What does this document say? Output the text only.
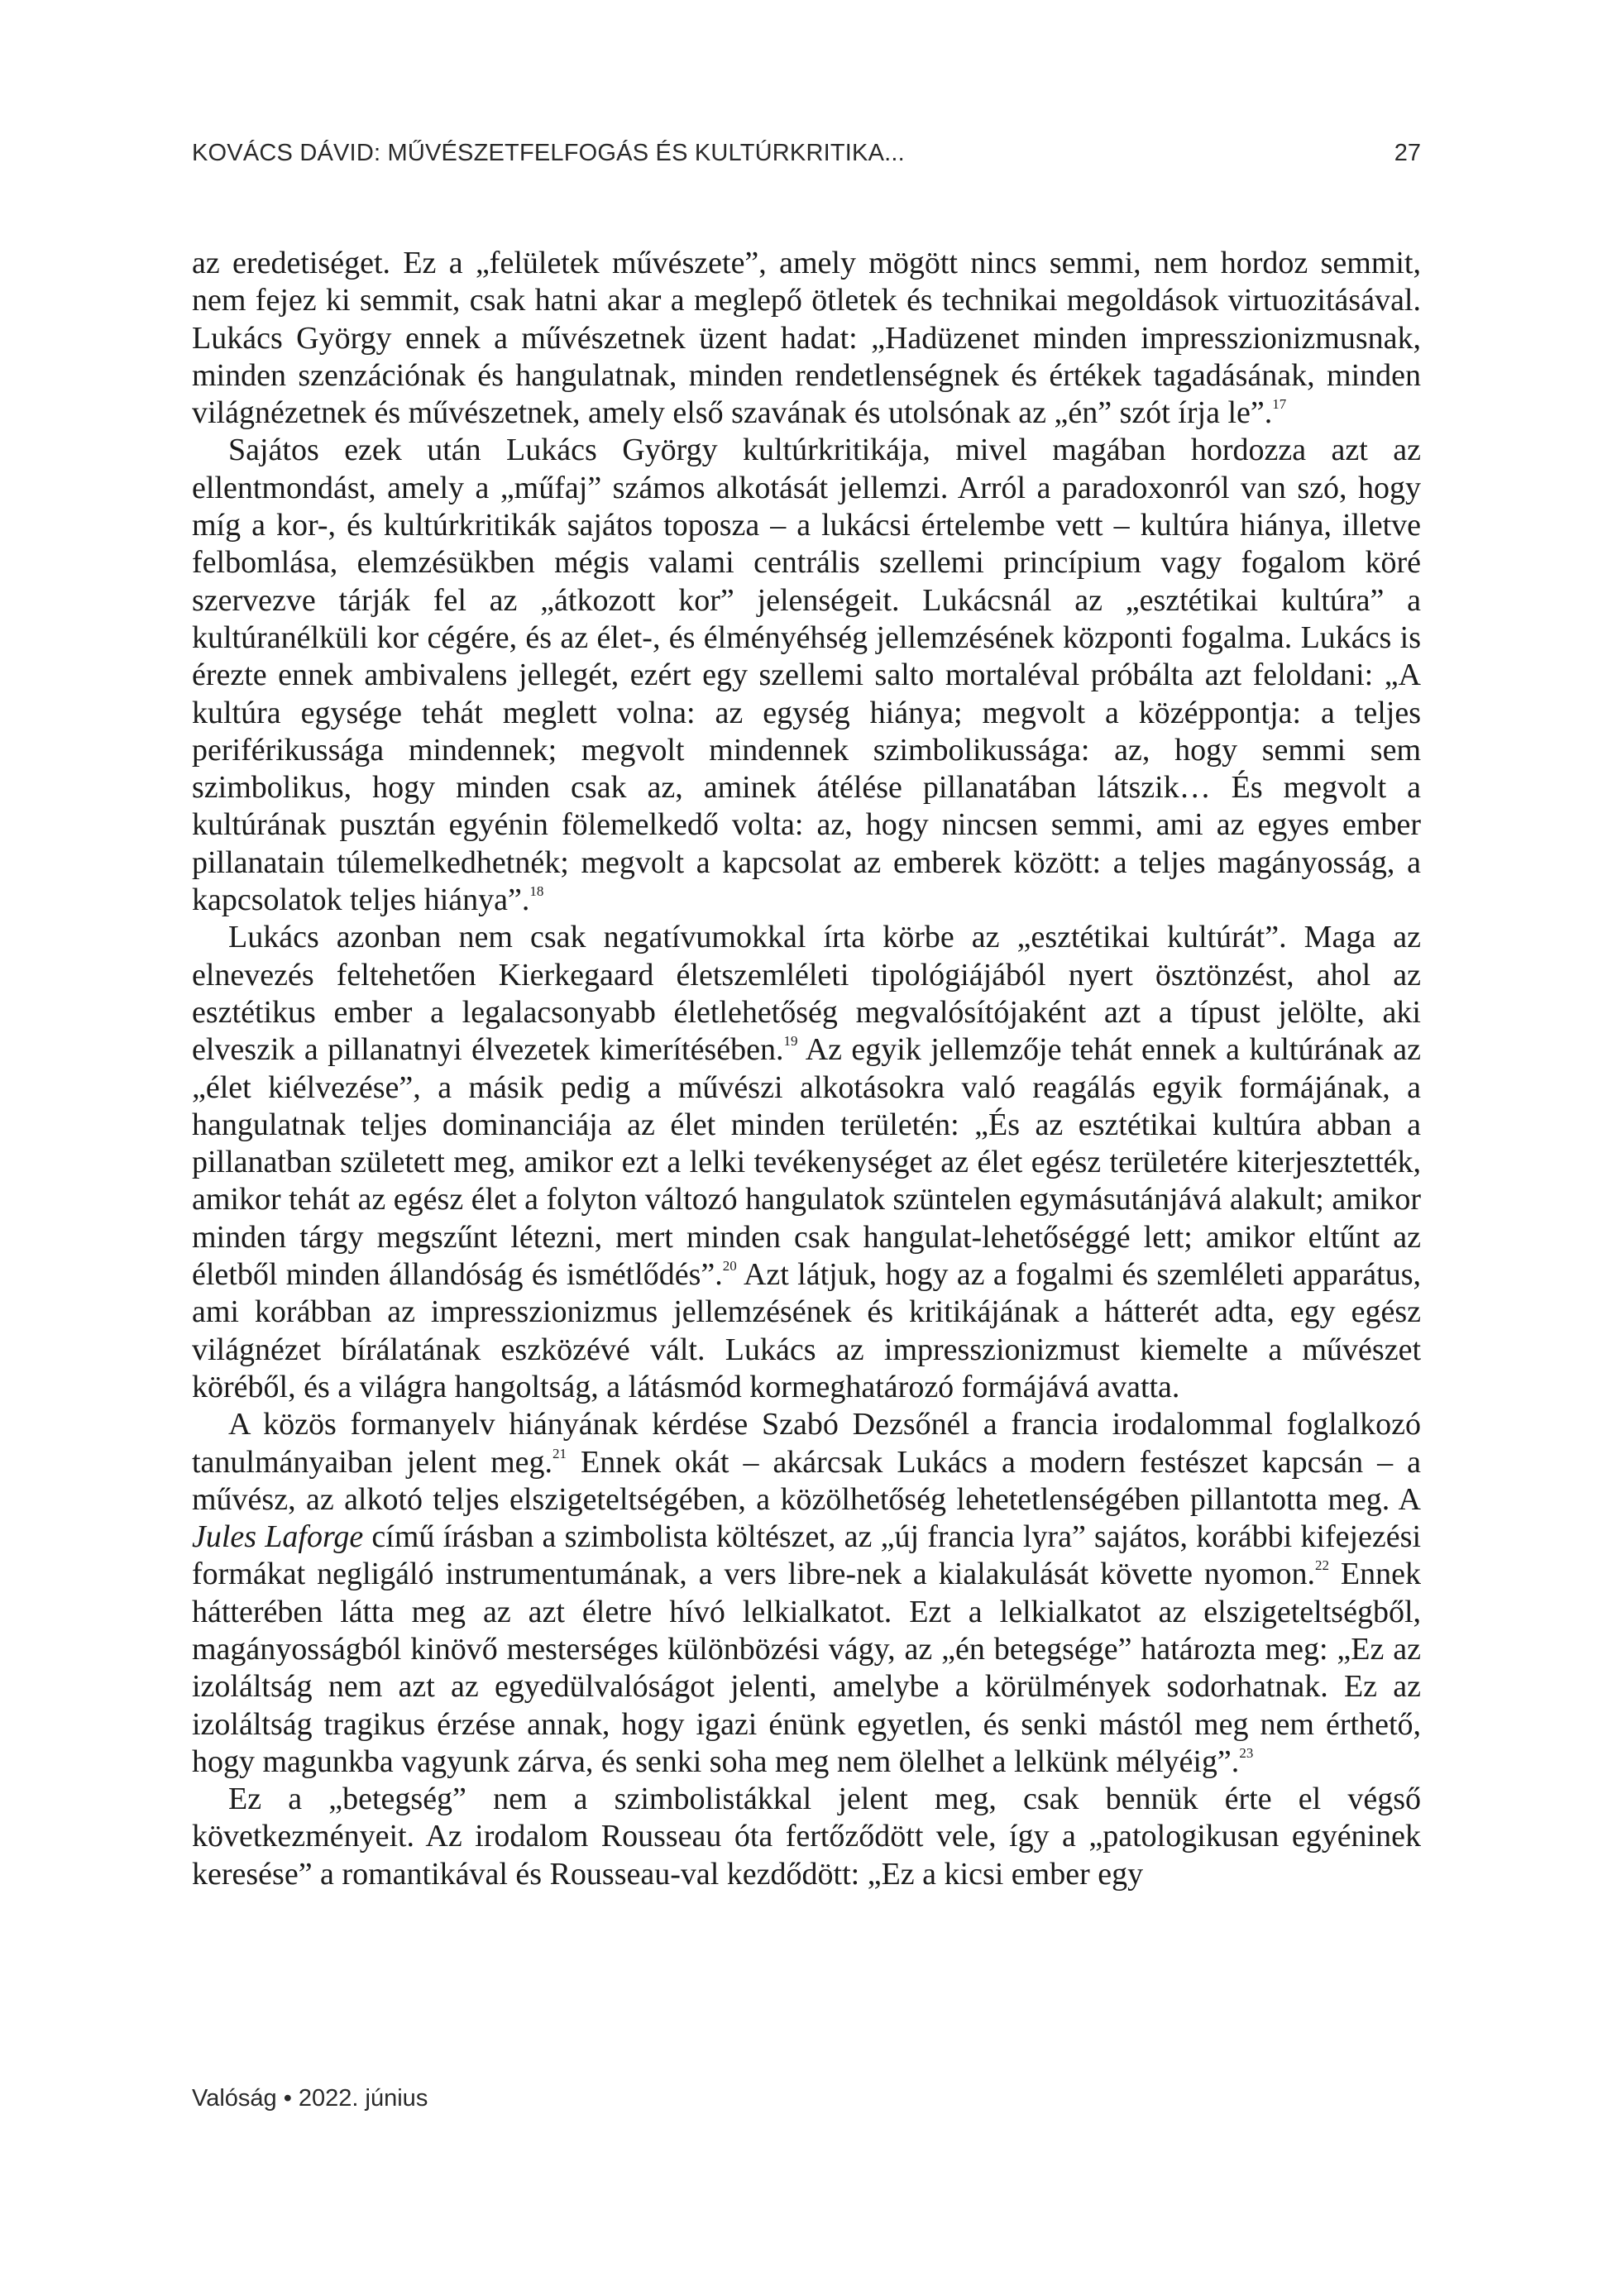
KOVÁCS DÁVID: MŰVÉSZETFELFOGÁS ÉS KULTÚRKRITIKA...	27

az eredetiséget. Ez a „felületek művészete”, amely mögött nincs semmi, nem hordoz semmit, nem fejez ki semmit, csak hatni akar a meglepő ötletek és technikai megoldások virtuozitásával. Lukács György ennek a művészetnek üzent hadat: „Hadüzenet minden impresszionizmusnak, minden szenzációnak és hangulatnak, minden rendetlenségnek és értékek tagadásának, minden világnézetnek és művészetnek, amely első szavának és utolsónak az „én” szót írja le”.$^{17}$

Sajátos ezek után Lukács György kultúrkritikája, mivel magában hordozza azt az ellentmondást, amely a „műfaj” számos alkotását jellemzi. Arról a paradoxonról van szó, hogy míg a kor-, és kultúrkritikák sajátos toposza – a lukácsi értelembe vett – kultúra hiánya, illetve felbomlása, elemzésükben mégis valami centrális szellemi princípium vagy fogalom köré szervezve tárják fel az „átkozott kor” jelenségeit. Lukácsnál az „esztétikai kultúra” a kultúranélküli kor cégére, és az élet-, és élményéhség jellemzésének központi fogalma. Lukács is érezte ennek ambivalens jellegét, ezért egy szellemi salto mortaléval próbálta azt feloldani: „A kultúra egysége tehát meglett volna: az egység hiánya; megvolt a középpontja: a teljes periférikussága mindennek; megvolt mindennek szimbolikussága: az, hogy semmi sem szimbolikus, hogy minden csak az, aminek átélése pillanatában látszik… És megvolt a kultúrának pusztán egyénin fölemelkedő volta: az, hogy nincsen semmi, ami az egyes ember pillanatain túlemelkedhetnék; megvolt a kapcsolat az emberek között: a teljes magányosság, a kapcsolatok teljes hiánya”.$^{18}$

Lukács azonban nem csak negatívumokkal írta körbe az „esztétikai kultúrát”. Maga az elnevezés feltehetően Kierkegaard életszemléleti tipológiájából nyert ösztönzést, ahol az esztétikus ember a legalacsonyabb életlehetőség megvalósítójaként azt a típust jelölte, aki elveszik a pillanatnyi élvezetek kimerítésében.$^{19}$ Az egyik jellemzője tehát ennek a kultúrának az „élet kiélvezése”, a másik pedig a művészi alkotásokra való reagálás egyik formájának, a hangulatnak teljes dominanciája az élet minden területén: „És az esztétikai kultúra abban a pillanatban született meg, amikor ezt a lelki tevékenységet az élet egész területére kiterjesztették, amikor tehát az egész élet a folyton változó hangulatok szüntelen egymásutánjává alakult; amikor minden tárgy megszűnt létezni, mert minden csak hangulat-lehetőséggé lett; amikor eltűnt az életből minden állandóság és ismétlődés”.$^{20}$ Azt látjuk, hogy az a fogalmi és szemléleti apparátus, ami korábban az impresszionizmus jellemzésének és kritikájának a hátterét adta, egy egész világnézet bírálatának eszközévé vált. Lukács az impresszionizmust kiemelte a művészet köréből, és a világra hangoltság, a látásmód kormeghatározó formájává avatta.

A közös formanyelv hiányának kérdése Szabó Dezsőnél a francia irodalommal foglalkozó tanulmányaiban jelent meg.$^{21}$ Ennek okát – akárcsak Lukács a modern festészet kapcsán – a művész, az alkotó teljes elszigeteltségében, a közölhetőség lehetetlenségében pillantotta meg. A Jules Laforge című írásban a szimbolista költészet, az „új francia lyra” sajátos, korábbi kifejezési formákat negligáló instrumentumának, a vers libre-nek a kialakulását követte nyomon.$^{22}$ Ennek hátterében látta meg az azt életre hívó lelkialkatot. Ezt a lelkialkatot az elszigeteltségből, magányosságból kinövő mesterséges különbözési vágy, az „én betegsége” határozta meg: „Ez az izoláltság nem azt az egyedülvalóságot jelenti, amelybe a körülmények sodorhatnak. Ez az izoláltság tragikus érzése annak, hogy igazi énünk egyetlen, és senki mástól meg nem érthető, hogy magunkba vagyunk zárva, és senki soha meg nem ölelhet a lelkünk mélyéig”.$^{23}$

Ez a „betegség” nem a szimbolistákkal jelent meg, csak bennük érte el végső következményeit. Az irodalom Rousseau óta fertőződött vele, így a „patologikusan egyéninek keresése” a romantikával és Rousseau-val kezdődött: „Ez a kicsi ember egy

Valóság • 2022. június
